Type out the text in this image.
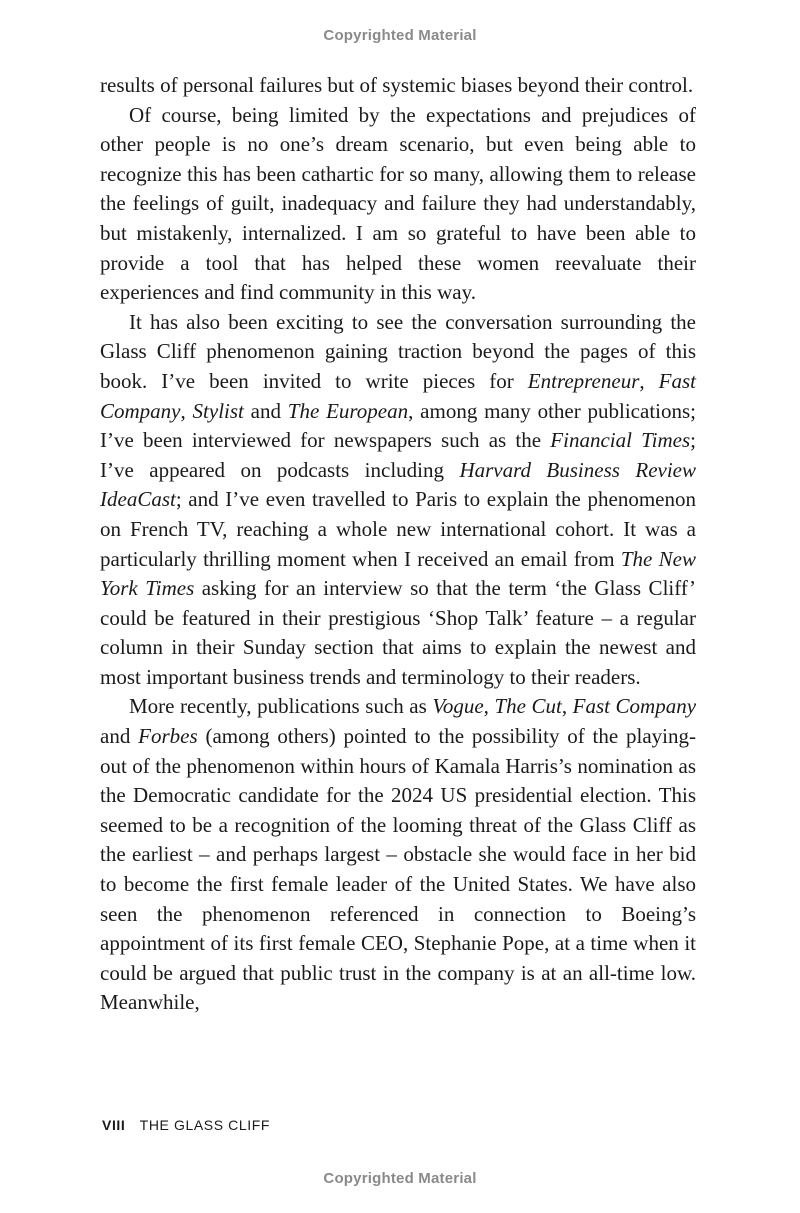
Copyrighted Material

results of personal failures but of systemic biases beyond their control.

Of course, being limited by the expectations and prejudices of other people is no one’s dream scenario, but even being able to recognize this has been cathartic for so many, allowing them to release the feelings of guilt, inadequacy and failure they had understandably, but mistakenly, internalized. I am so grateful to have been able to provide a tool that has helped these women reevaluate their experiences and find community in this way.

It has also been exciting to see the conversation surrounding the Glass Cliff phenomenon gaining traction beyond the pages of this book. I’ve been invited to write pieces for Entrepreneur, Fast Company, Stylist and The European, among many other publications; I’ve been interviewed for newspapers such as the Financial Times; I’ve appeared on podcasts including Harvard Business Review IdeaCast; and I’ve even travelled to Paris to explain the phenomenon on French TV, reaching a whole new international cohort. It was a particularly thrilling moment when I received an email from The New York Times asking for an interview so that the term ‘the Glass Cliff’ could be featured in their prestigious ‘Shop Talk’ feature – a regular column in their Sunday section that aims to explain the newest and most important business trends and terminology to their readers.

More recently, publications such as Vogue, The Cut, Fast Company and Forbes (among others) pointed to the possibility of the playing-out of the phenomenon within hours of Kamala Harris’s nomination as the Democratic candidate for the 2024 US presidential election. This seemed to be a recognition of the looming threat of the Glass Cliff as the earliest – and perhaps largest – obstacle she would face in her bid to become the first female leader of the United States. We have also seen the phenomenon referenced in connection to Boeing’s appointment of its first female CEO, Stephanie Pope, at a time when it could be argued that public trust in the company is at an all-time low. Meanwhile,

VIII THE GLASS CLIFF
Copyrighted Material
